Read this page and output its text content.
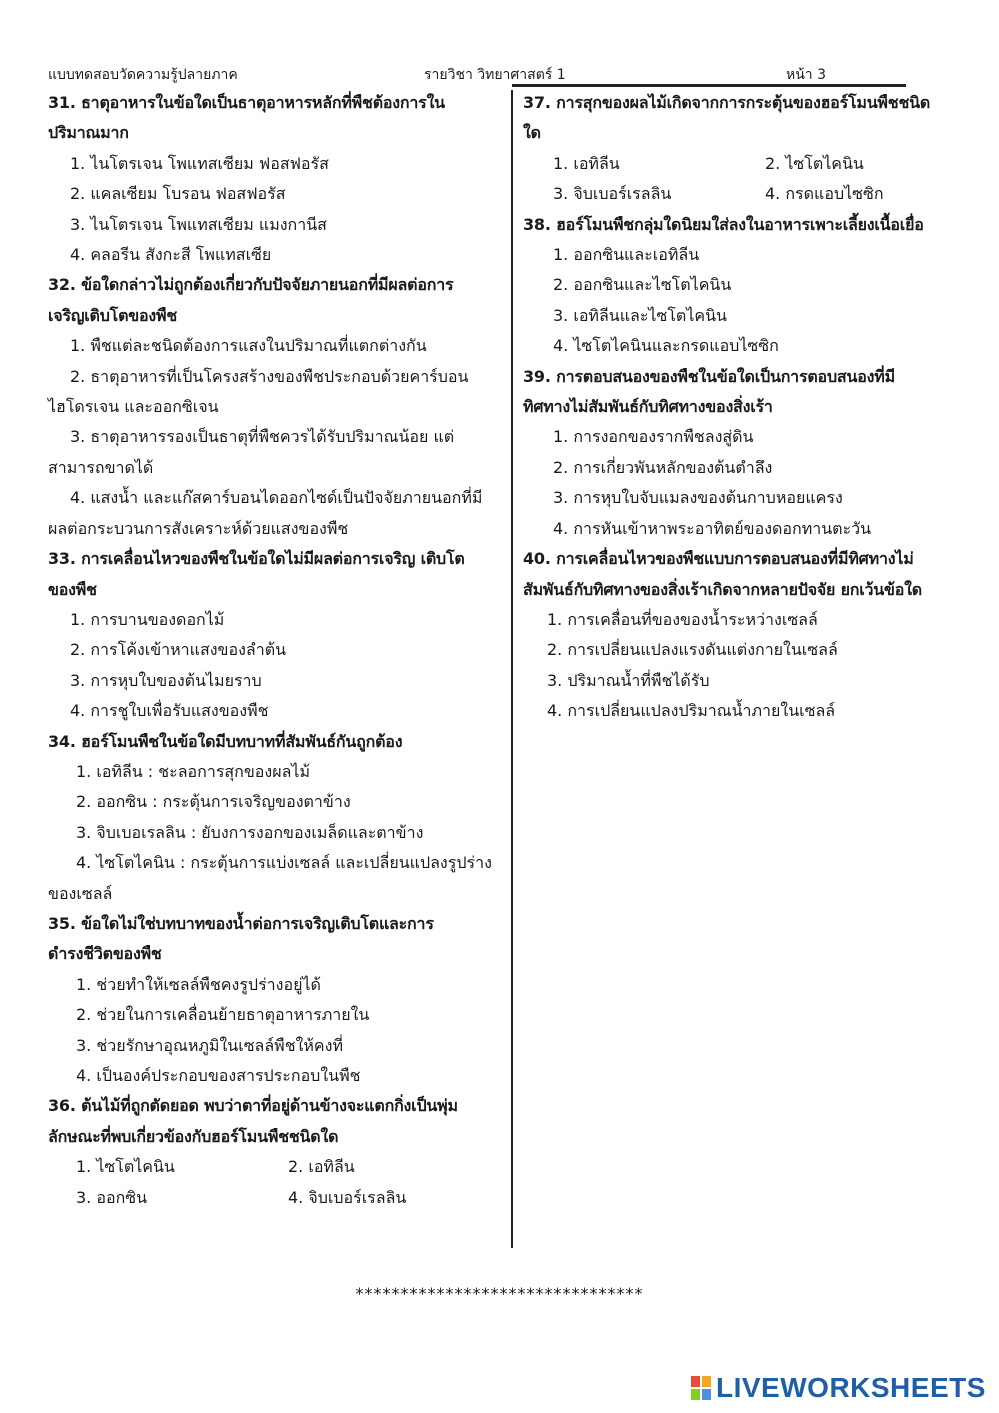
แบบทดสอบวัดความรู้ปลายภาค	รายวิชา วิทยาศาสตร์ 1	หน้า 3
31. ธาตุอาหารในข้อใดเป็นธาตุอาหารหลักที่พืชต้องการใน
ปริมาณมาก
1. ไนโตรเจน โพแทสเซียม ฟอสฟอรัส
2. แคลเซียม โบรอน ฟอสฟอรัส
3. ไนโตรเจน โพแทสเซียม แมงกานีส
4. คลอรีน สังกะสี โพแทสเซีย
32. ข้อใดกล่าวไม่ถูกต้องเกี่ยวกับปัจจัยภายนอกที่มีผลต่อการ
เจริญเติบโตของพืช
1. พืชแต่ละชนิดต้องการแสงในปริมาณที่แตกต่างกัน
2. ธาตุอาหารที่เป็นโครงสร้างของพืชประกอบด้วยคาร์บอน
ไฮโดรเจน และออกซิเจน
3. ธาตุอาหารรองเป็นธาตุที่พืชควรได้รับปริมาณน้อย แต่
สามารถขาดได้
4. แสงน้ำ และแก๊สคาร์บอนไดออกไซด์เป็นปัจจัยภายนอกที่มี
ผลต่อกระบวนการสังเคราะห์ด้วยแสงของพืช
33. การเคลื่อนไหวของพืชในข้อใดไม่มีผลต่อการเจริญ เติบโต
ของพืช
1. การบานของดอกไม้
2. การโค้งเข้าหาแสงของลำต้น
3. การหุบใบของต้นไมยราบ
4. การชูใบเพื่อรับแสงของพืช
34. ฮอร์โมนพืชในข้อใดมีบทบาทที่สัมพันธ์กันถูกต้อง
1. เอทิลีน : ชะลอการสุกของผลไม้
2. ออกซิน : กระตุ้นการเจริญของตาข้าง
3. จิบเบอเรลลิน : ยับงการงอกของเมล็ดและตาข้าง
4. ไซโตไคนิน : กระตุ้นการแบ่งเซลล์ และเปลี่ยนแปลงรูปร่าง
ของเซลล์
35. ข้อใดไม่ใช่บทบาทของน้ำต่อการเจริญเติบโตและการ
ดำรงชีวิตของพืช
1. ช่วยทำให้เซลล์พืชคงรูปร่างอยู่ได้
2. ช่วยในการเคลื่อนย้ายธาตุอาหารภายใน
3. ช่วยรักษาอุณหภูมิในเซลล์พืชให้คงที่
4. เป็นองค์ประกอบของสารประกอบในพืช
36. ต้นไม้ที่ถูกตัดยอด พบว่าตาที่อยู่ด้านข้างจะแตกกิ่งเป็นพุ่ม
ลักษณะที่พบเกี่ยวข้องกับฮอร์โมนพืชชนิดใด
1. ไซโตไคนิน	2. เอทิลีน
3. ออกซิน	4. จิบเบอร์เรลลิน
37. การสุกของผลไม้เกิดจากการกระตุ้นของฮอร์โมนพืชชนิด
ใด
1. เอทิลีน	2. ไซโตไคนิน
3. จิบเบอร์เรลลิน	4. กรดแอบไซซิก
38. ฮอร์โมนพืชกลุ่มใดนิยมใส่ลงในอาหารเพาะเลี้ยงเนื้อเยื่อ
1. ออกซินและเอทิลีน
2. ออกซินและไซโตไคนิน
3. เอทิลีนและไซโตไคนิน
4. ไซโตไคนินและกรดแอบไซซิก
39. การตอบสนองของพืชในข้อใดเป็นการตอบสนองที่มี
ทิศทางไม่สัมพันธ์กับทิศทางของสิ่งเร้า
1. การงอกของรากพืชลงสู่ดิน
2. การเกี่ยวพันหลักของต้นตำลึง
3. การหุบใบจับแมลงของต้นกาบหอยแครง
4. การหันเข้าหาพระอาทิตย์ของดอกทานตะวัน
40. การเคลื่อนไหวของพืชแบบการตอบสนองที่มีทิศทางไม่
สัมพันธ์กับทิศทางของสิ่งเร้าเกิดจากหลายปัจจัย ยกเว้นข้อใด
1. การเคลื่อนที่ของของน้ำระหว่างเซลล์
2. การเปลี่ยนแปลงแรงดันแต่งกายในเซลล์
3. ปริมาณน้ำที่พืชได้รับ
4. การเปลี่ยนแปลงปริมาณน้ำภายในเซลล์
********************************
LIVEWORKSHEETS
